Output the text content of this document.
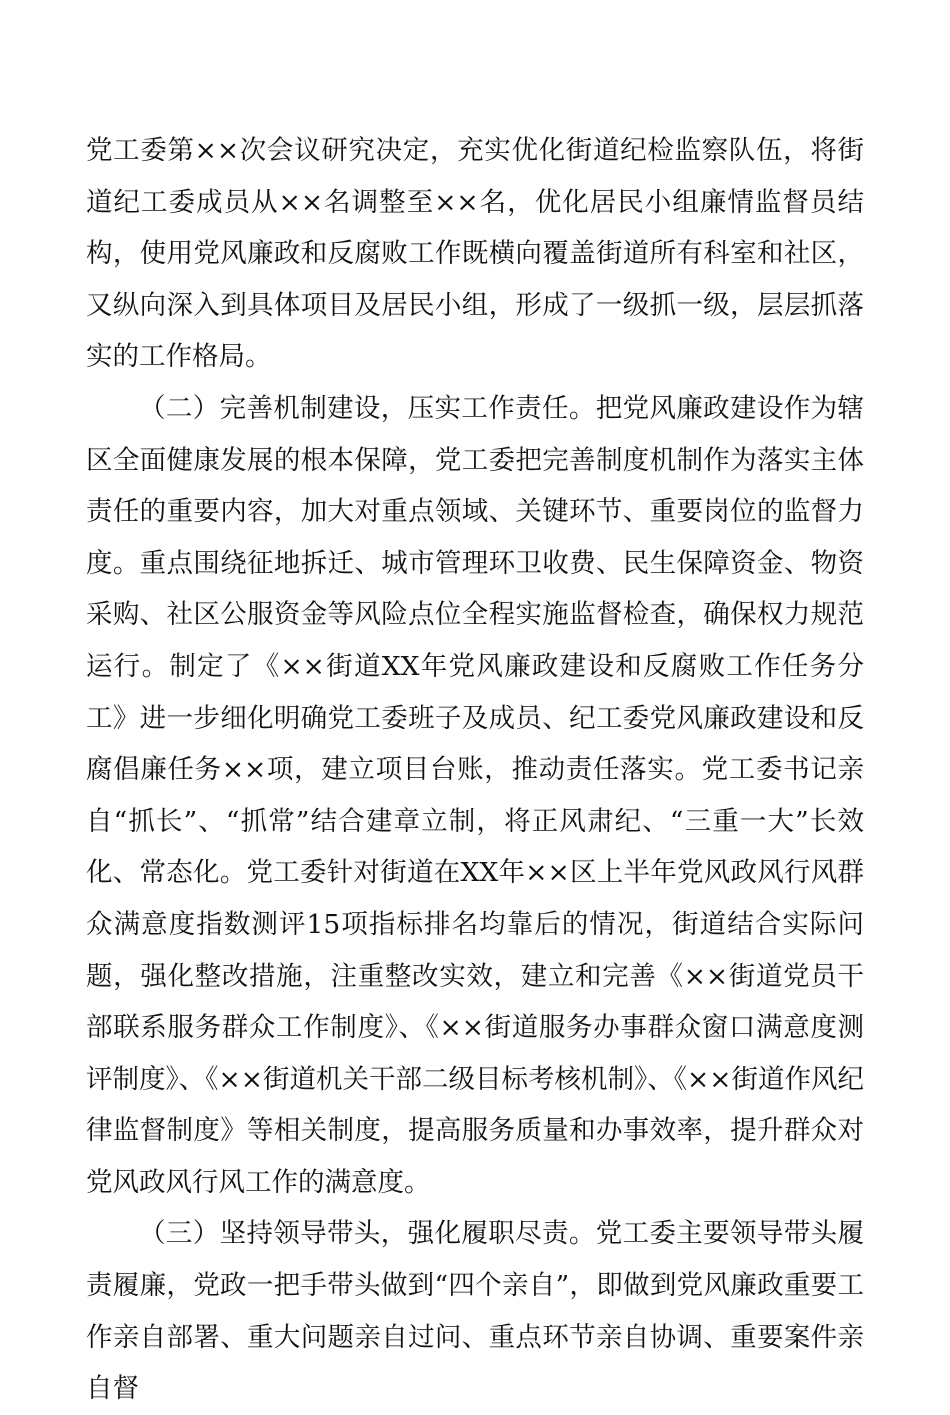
党工委第××次会议研究决定，充实优化街道纪检监察队伍，将街道纪工委成员从××名调整至××名，优化居民小组廉情监督员结构，使用党风廉政和反腐败工作既横向覆盖街道所有科室和社区，又纵向深入到具体项目及居民小组，形成了一级抓一级，层层抓落实的工作格局。

（二）完善机制建设，压实工作责任。把党风廉政建设作为辖区全面健康发展的根本保障，党工委把完善制度机制作为落实主体责任的重要内容，加大对重点领域、关键环节、重要岗位的监督力度。重点围绕征地拆迁、城市管理环卫收费、民生保障资金、物资采购、社区公服资金等风险点位全程实施监督检查，确保权力规范运行。制定了《××街道XX年党风廉政建设和反腐败工作任务分工》进一步细化明确党工委班子及成员、纪工委党风廉政建设和反腐倡廉任务××项，建立项目台账，推动责任落实。党工委书记亲自“抓长”、“抓常”结合建章立制，将正风肃纪、“三重一大”长效化、常态化。党工委针对街道在XX年××区上半年党风政风行风群众满意度指数测评15项指标排名均靠后的情况，街道结合实际问题，强化整改措施，注重整改实效，建立和完善《××街道党员干部联系服务群众工作制度》、《××街道服务办事群众窗口满意度测评制度》、《××街道机关干部二级目标考核机制》、《××街道作风纪律监督制度》等相关制度，提高服务质量和办事效率，提升群众对党风政风行风工作的满意度。

（三）坚持领导带头，强化履职尽责。党工委主要领导带头履责履廉，党政一把手带头做到“四个亲自”，即做到党风廉政重要工作亲自部署、重大问题亲自过问、重点环节亲自协调、重要案件亲自督
